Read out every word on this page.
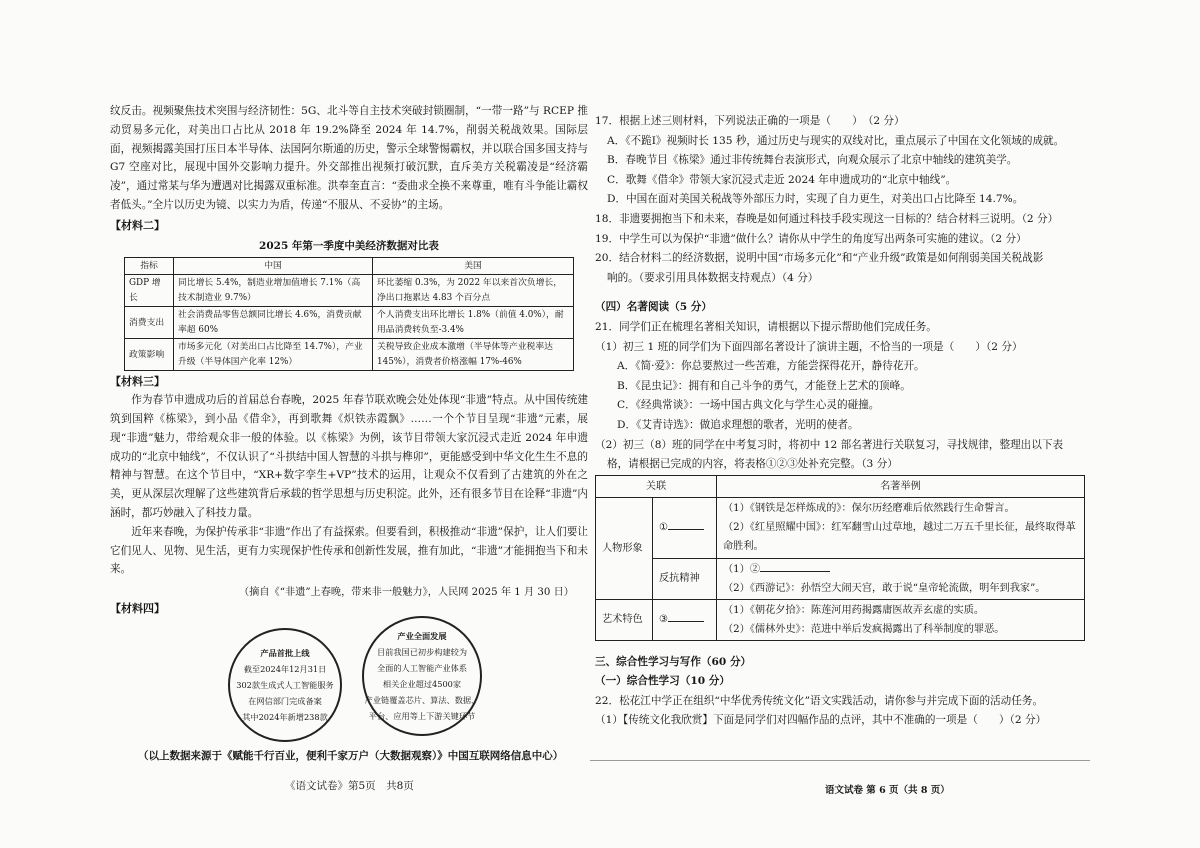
纹反击。视频聚焦技术突围与经济韧性：5G、北斗等自主技术突破封锁圈制，“一带一路”与 RCEP 推动贸易多元化，对美出口占比从 2018 年 19.2%降至 2024 年 14.7%，削弱关税战效果。国际层面，视频揭露美国打压日本半导体、法国阿尔斯通的历史，警示全球警惕霸权，并以联合国多国支持与 G7 空座对比，展现中国外交影响力提升。外交部推出视频打破沉默，直斥美方关税霸凌是“经济霸凌”，通过常某与华为遭遇对比揭露双重标准。洪奉奎直言：“委曲求全换不来尊重，唯有斗争能让霸权者低头。”全片以历史为镜、以实力为盾，传递“不服从、不妥协”的主场。

【材料二】

2025 年第一季度中美经济数据对比表
指标	中国	美国
GDP 增长	同比增长 5.4%，制造业增加值增长 7.1%（高技术制造业 9.7%）	环比萎缩 0.3%，为 2022 年以来首次负增长，净出口拖累达 4.83 个百分点
消费支出	社会消费品零售总额同比增长 4.6%，消费贡献率超 60%	个人消费支出环比增长 1.8%（前值 4.0%），耐用品消费转负至-3.4%
政策影响	市场多元化（对美出口占比降至 14.7%），产业升级（半导体国产化率 12%）	关税导致企业成本激增（半导体等产业税率达 145%），消费者价格涨幅 17%-46%

【材料三】

作为春节申遗成功后的首届总台春晚，2025 年春节联欢晚会处处体现“非遗”特点。从中国传统建筑到国粹《栋梁》，到小品《借伞》，再到歌舞《炽铁赤霞飘》……一个个节目呈现“非遗”元素，展现“非遗”魅力，带给观众非一般的体验。以《栋梁》为例，该节目带领大家沉浸式走近 2024 年申遗成功的“北京中轴线”，不仅认识了“斗拱结中国人智慧的斗拱与榫卯”，更能感受到中华文化生生不息的精神与智慧。在这个节目中，“XR+数字孪生+VP”技术的运用，让观众不仅看到了古建筑的外在之美，更从深层次理解了这些建筑背后承载的哲学思想与历史积淀。此外，还有很多节目在诠释“非遗”内涵时，都巧妙融入了科技力量。

近年来春晚，为保护传承非“非遗”作出了有益探索。但要看到，积极推动“非遗”保护，让人们要让它们见人、见物、见生活，更有力实现保护性传承和创新性发展，推有加此，“非遗”才能拥抱当下和未来。

（摘自《“非遗”上春晚，带来非一般魅力》，人民网 2025 年 1 月 30 日）

【材料四】

产品首批上线
截至2024年12月31日
302款生成式人工智能服务
在网信部门完成备案
其中2024年新增238款
产业全面发展
目前我国已初步构建较为
全面的人工智能产业体系
相关企业超过4500家
产业链覆盖芯片、算法、数据、
平台、应用等上下游关键环节
（以上数据来源于《赋能千行百业，便利千家万户（大数据观察）》中国互联网络信息中心）
《语文试卷》第5页　共8页

17．根据上述三则材料，下列说法正确的一项是（　　）　（2 分）

A．《不跪Ⅰ》视频时长 135 秒，通过历史与现实的双线对比，重点展示了中国在文化领域的成就。

B．春晚节目《栋梁》通过非传统舞台表演形式，向观众展示了北京中轴线的建筑美学。

C．歌舞《借伞》带领大家沉浸式走近 2024 年申遗成功的“北京中轴线”。

D．中国在面对美国关税战等外部压力时，实现了自力更生，对美出口占比降至 14.7%。

18．非遗要拥抱当下和未来，春晚是如何通过科技手段实现这一目标的？结合材料三说明。（2 分）

19．中学生可以为保护“非遗”做什么？请你从中学生的角度写出两条可实施的建议。（2 分）

20．结合材料二的经济数据，说明中国“市场多元化”和“产业升级”政策是如何削弱美国关税战影

响的。（要求引用具体数据支持观点）（4 分）

（四）名著阅读（5 分）

21．同学们正在梳理名著相关知识，请根据以下提示帮助他们完成任务。

（1）初三 1 班的同学们为下面四部名著设计了演讲主题，不恰当的一项是（　　）（2 分）

A．《简·爱》：你总要熬过一些苦难，方能尝探得花开，静待花开。

B．《昆虫记》：拥有和自己斗争的勇气，才能登上艺术的顶峰。

C．《经典常谈》：一场中国古典文化与学生心灵的碰撞。

D．《艾青诗选》：做追求理想的歌者，光明的使者。

（2）初三（8）班的同学在中考复习时，将初中 12 部名著进行关联复习，寻找规律，整理出以下表

格，请根据已完成的内容，将表格①②③处补充完整。（3 分）

关联		名著举例
人物形象	①	（1）《钢铁是怎样炼成的》：保尔历经磨难后依然践行生命誓言。
（2）《红星照耀中国》：红军翻雪山过草地，越过二万五千里长征，最终取得革命胜利。

	反抗精神	（1）②
（2）《西游记》：孙悟空大闹天宫，敢于说“皇帝轮流做，明年到我家”。

艺术特色	③	（1）《朝花夕拾》：陈莲河用药揭露庸医故弄玄虚的实质。
（2）《儒林外史》：范进中举后发疯揭露出了科举制度的罪恶。

三、综合性学习与写作（60 分）

（一）综合性学习（10 分）

22．松花江中学正在组织“中华优秀传统文化”语文实践活动，请你参与并完成下面的活动任务。

（1）【传统文化我欣赏】下面是同学们对四幅作品的点评，其中不准确的一项是（　　）（2 分）

语文试卷 第 6 页（共 8 页）
